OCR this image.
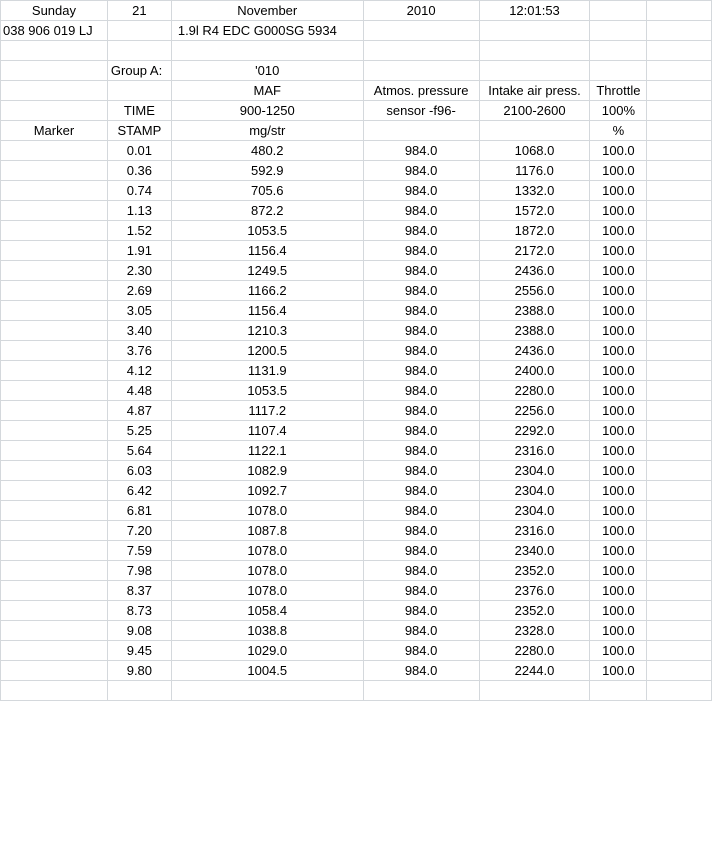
Sunday	21	November	2010	12:01:53		
038 906 019 LJ		1.9l R4 EDC G000SG 5934				

	Group A:	'010				
		MAF	Atmos. pressure	Intake air press.	Throttle	
	TIME	900-1250	sensor -f96-	2100-2600	100%	
Marker	STAMP	mg/str			%	
	0.01	480.2	984.0	1068.0	100.0	
	0.36	592.9	984.0	1176.0	100.0	
	0.74	705.6	984.0	1332.0	100.0	
	1.13	872.2	984.0	1572.0	100.0	
	1.52	1053.5	984.0	1872.0	100.0	
	1.91	1156.4	984.0	2172.0	100.0	
	2.30	1249.5	984.0	2436.0	100.0	
	2.69	1166.2	984.0	2556.0	100.0	
	3.05	1156.4	984.0	2388.0	100.0	
	3.40	1210.3	984.0	2388.0	100.0	
	3.76	1200.5	984.0	2436.0	100.0	
	4.12	1131.9	984.0	2400.0	100.0	
	4.48	1053.5	984.0	2280.0	100.0	
	4.87	1117.2	984.0	2256.0	100.0	
	5.25	1107.4	984.0	2292.0	100.0	
	5.64	1122.1	984.0	2316.0	100.0	
	6.03	1082.9	984.0	2304.0	100.0	
	6.42	1092.7	984.0	2304.0	100.0	
	6.81	1078.0	984.0	2304.0	100.0	
	7.20	1087.8	984.0	2316.0	100.0	
	7.59	1078.0	984.0	2340.0	100.0	
	7.98	1078.0	984.0	2352.0	100.0	
	8.37	1078.0	984.0	2376.0	100.0	
	8.73	1058.4	984.0	2352.0	100.0	
	9.08	1038.8	984.0	2328.0	100.0	
	9.45	1029.0	984.0	2280.0	100.0	
	9.80	1004.5	984.0	2244.0	100.0	
